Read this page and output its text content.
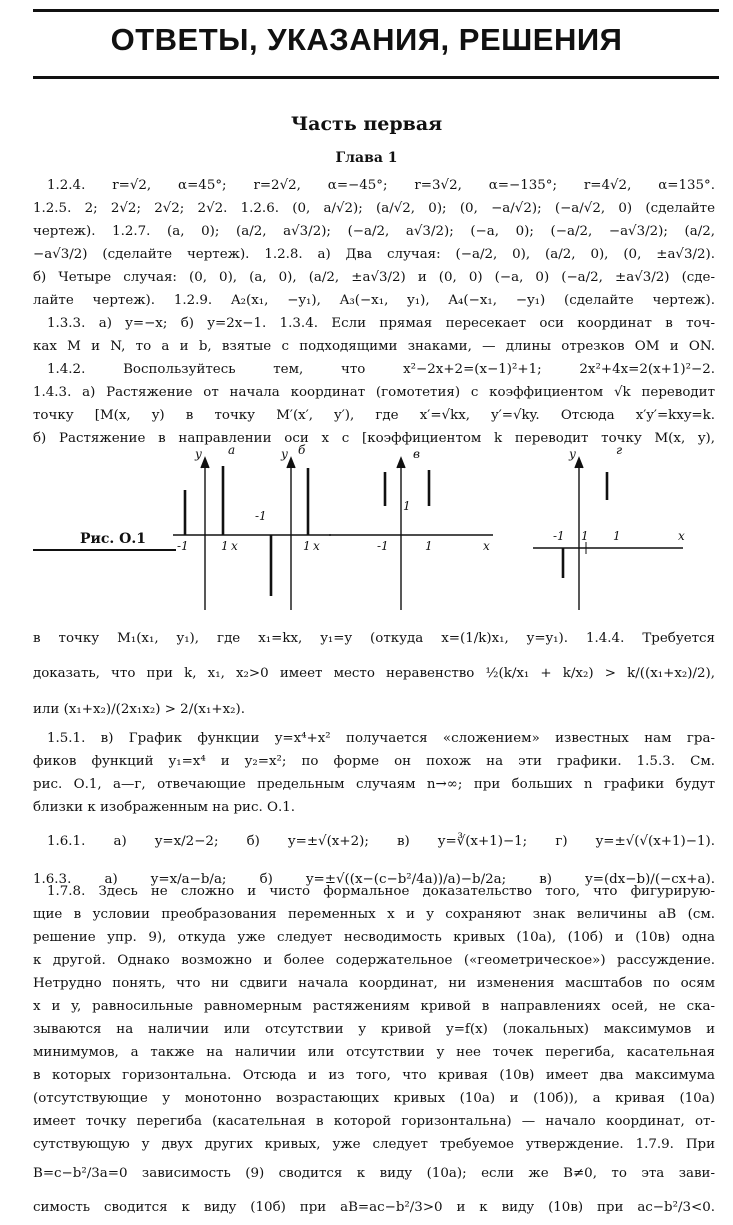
ОТВЕТЫ, УКАЗАНИЯ, РЕШЕНИЯ
Часть первая
Глава 1
1.2.4. r=√2, α=45°; r=2√2, α=−45°; r=3√2, α=−135°; r=4√2, α=135°.
1.2.5. 2; 2√2; 2√2; 2√2. 1.2.6. (0, a/√2); (a/√2, 0); (0, −a/√2); (−a/√2, 0) (сделайте
чертеж). 1.2.7. (a, 0); (a/2, a√3/2); (−a/2, a√3/2); (−a, 0); (−a/2, −a√3/2); (a/2,
−a√3/2) (сделайте чертеж). 1.2.8. а) Два случая: (−a/2, 0), (a/2, 0), (0, ±a√3/2).
б) Четыре случая: (0, 0), (a, 0), (a/2, ±a√3/2) и (0, 0) (−a, 0) (−a/2, ±a√3/2) (сде-
лайте чертеж). 1.2.9. A₂(x₁, −y₁), A₃(−x₁, y₁), A₄(−x₁, −y₁) (сделайте чертеж).
1.3.3. а) y=−x; б) y=2x−1. 1.3.4. Если прямая пересекает оси координат в точ-
ках M и N, то a и b, взятые с подходящими знаками, — длины отрезков OM и ON.
1.4.2. Воспользуйтесь тем, что x²−2x+2=(x−1)²+1; 2x²+4x=2(x+1)²−2.
1.4.3. а) Растяжение от начала координат (гомотетия) с коэффициентом √k переводит
точку [M(x, y) в точку M′(x′, y′), где x′=√kx, y′=√ky. Отсюда x′y′=kxy=k.
б) Растяжение в направлении оси x с [коэффициентом k переводит точку M(x, y),
Рис. О.1
y а
-1	1 x
y б
-1
1 x
в
1
-1	1	x
y	г
1
-1	1	x
в точку M₁(x₁, y₁), где x₁=kx, y₁=y (откуда x=(1/k)x₁, y=y₁). 1.4.4. Требуется
доказать, что при k, x₁, x₂>0 имеет место неравенство ½(k/x₁ + k/x₂) > k/((x₁+x₂)/2),
или (x₁+x₂)/(2x₁x₂) > 2/(x₁+x₂).
1.5.1. в) График функции y=x⁴+x² получается «сложением» известных нам гра-
фиков функций y₁=x⁴ и y₂=x²; по форме он похож на эти графики. 1.5.3. См.
рис. О.1, а—г, отвечающие предельным случаям n→∞; при больших n графики будут
близки к изображенным на рис. О.1.
1.6.1. а) y=x/2−2; б) y=±√(x+2); в) y=∛(x+1)−1; г) y=±√(√(x+1)−1).
1.6.3. а) y=x/a−b/a; б) y=±√((x−(c−b²/4a))/a)−b/2a; в) y=(dx−b)/(−cx+a).
1.7.8. Здесь не сложно и чисто формальное доказательство того, что фигурирую-
щие в условии преобразования переменных x и y сохраняют знак величины aB (см.
решение упр. 9), откуда уже следует несводимость кривых (10а), (10б) и (10в) одна
к другой. Однако возможно и более содержательное («геометрическое») рассуждение.
Нетрудно понять, что ни сдвиги начала координат, ни изменения масштабов по осям
x и y, равносильные равномерным растяжениям кривой в направлениях осей, не ска-
зываются на наличии или отсутствии у кривой y=f(x) (локальных) максимумов и
минимумов, а также на наличии или отсутствии у нее точек перегиба, касательная
в которых горизонтальна. Отсюда и из того, что кривая (10в) имеет два максимума
(отсутствующие у монотонно возрастающих кривых (10а) и (10б)), а кривая (10а)
имеет точку перегиба (касательная в которой горизонтальна) — начало координат, от-
сутствующую у двух других кривых, уже следует требуемое утверждение. 1.7.9. При
B=c−b²/3a=0 зависимость (9) сводится к виду (10а); если же B≠0, то эта зави-
симость сводится к виду (10б) при aB=ac−b²/3>0 и к виду (10в) при ac−b²/3<0.
